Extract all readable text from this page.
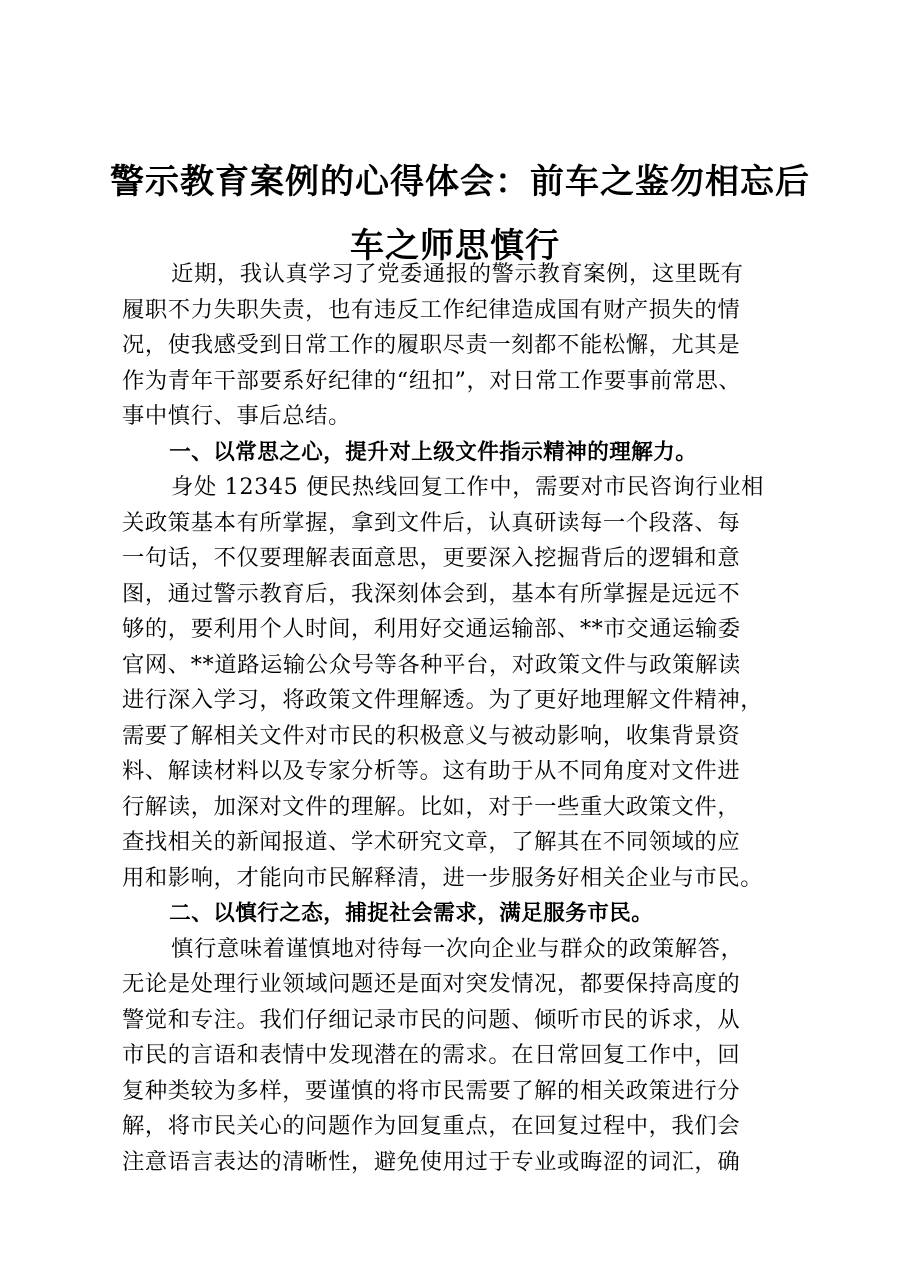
警示教育案例的心得体会：前车之鉴勿相忘后
车之师思慎行

近期，我认真学习了党委通报的警示教育案例，这里既有
履职不力失职失责，也有违反工作纪律造成国有财产损失的情
况，使我感受到日常工作的履职尽责一刻都不能松懈，尤其是
作为青年干部要系好纪律的“纽扣”，对日常工作要事前常思、
事中慎行、事后总结。

一、以常思之心，提升对上级文件指示精神的理解力。

身处 12345 便民热线回复工作中，需要对市民咨询行业相
关政策基本有所掌握，拿到文件后，认真研读每一个段落、每
一句话，不仅要理解表面意思，更要深入挖掘背后的逻辑和意
图，通过警示教育后，我深刻体会到，基本有所掌握是远远不
够的，要利用个人时间，利用好交通运输部、**市交通运输委
官网、**道路运输公众号等各种平台，对政策文件与政策解读
进行深入学习，将政策文件理解透。为了更好地理解文件精神，
需要了解相关文件对市民的积极意义与被动影响，收集背景资
料、解读材料以及专家分析等。这有助于从不同角度对文件进
行解读，加深对文件的理解。比如，对于一些重大政策文件，
查找相关的新闻报道、学术研究文章，了解其在不同领域的应
用和影响，才能向市民解释清，进一步服务好相关企业与市民。

二、以慎行之态，捕捉社会需求，满足服务市民。

慎行意味着谨慎地对待每一次向企业与群众的政策解答，
无论是处理行业领域问题还是面对突发情况，都要保持高度的
警觉和专注。我们仔细记录市民的问题、倾听市民的诉求，从
市民的言语和表情中发现潜在的需求。在日常回复工作中，回
复种类较为多样，要谨慎的将市民需要了解的相关政策进行分
解，将市民关心的问题作为回复重点，在回复过程中，我们会
注意语言表达的清晰性，避免使用过于专业或晦涩的词汇，确
